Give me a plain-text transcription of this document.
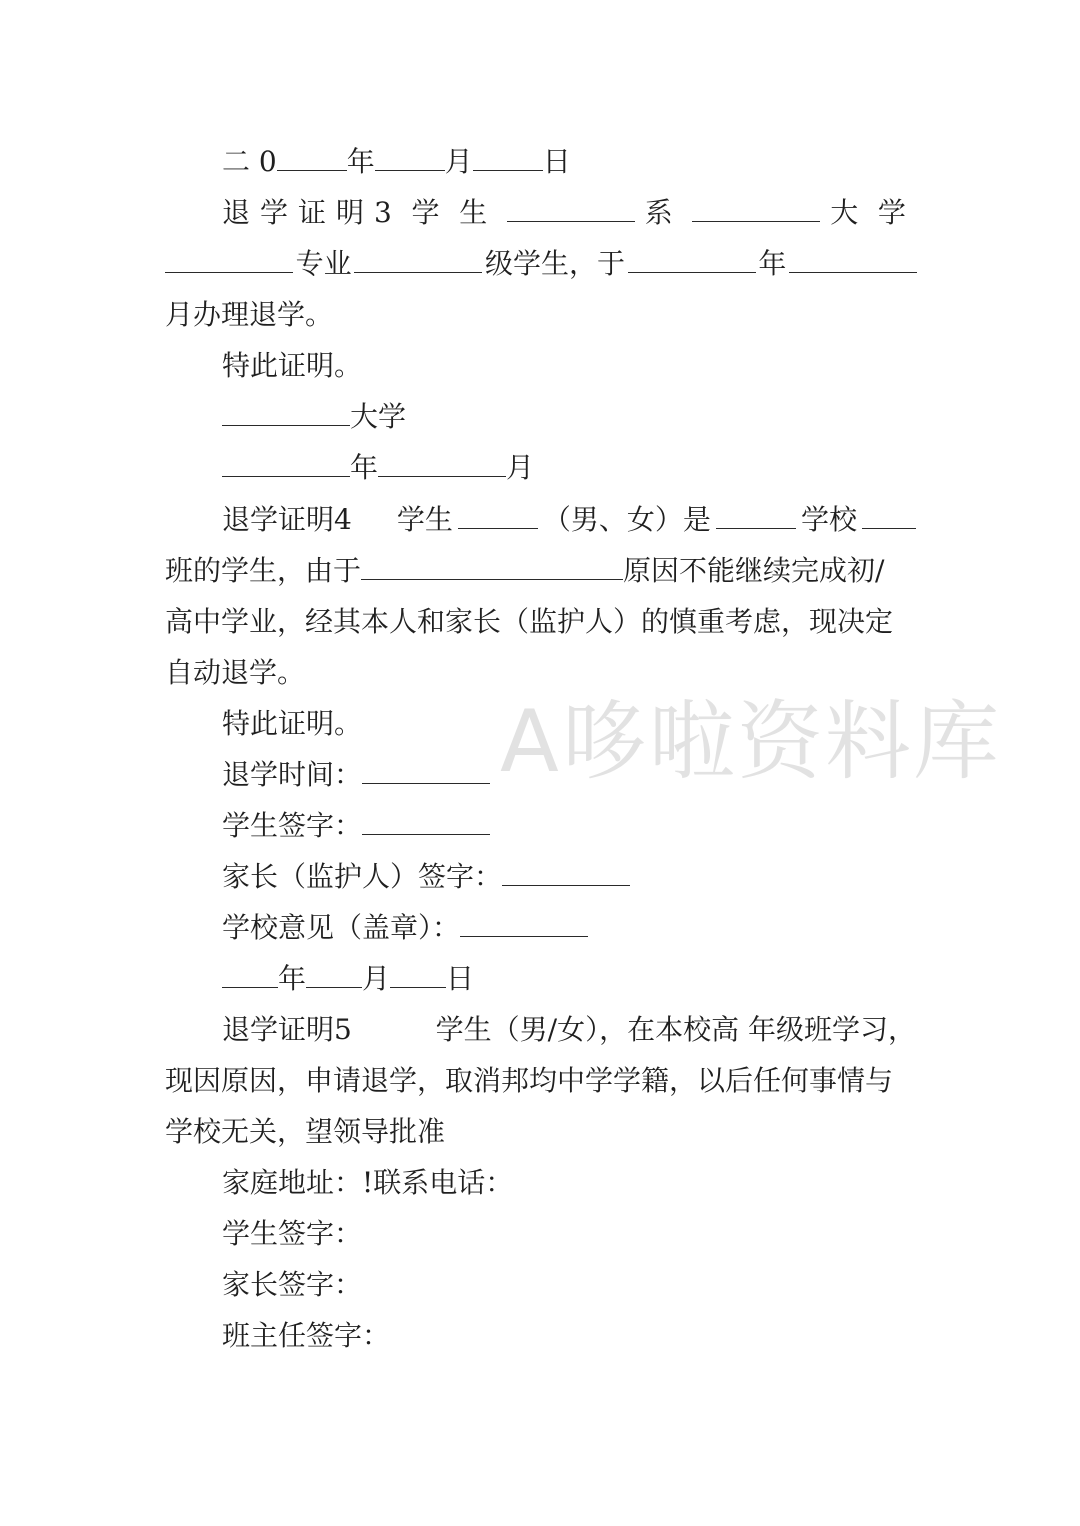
二 0	年	月	日
退学证明3 学 生	系	大 学
专业	级学生，于	年
月办理退学。
特此证明。
大学
年	月
退学证明4 学生	（男、女）是	学校
班的学生，由于	原因不能继续完成初/
高中学业，经其本人和家长（监护人）的慎重考虑，现决定
自动退学。
特此证明。
退学时间：
学生签字：
家长（监护人）签字：
学校意见（盖章）：
年 月 日
退学证明5	学生（男/女），在本校高 年级班学习，
现因原因，申请退学，取消邦均中学学籍，以后任何事情与
学校无关，望领导批准
家庭地址：!联系电话：
学生签字：
家长签字：
班主任签字：
A哆啦资料库
